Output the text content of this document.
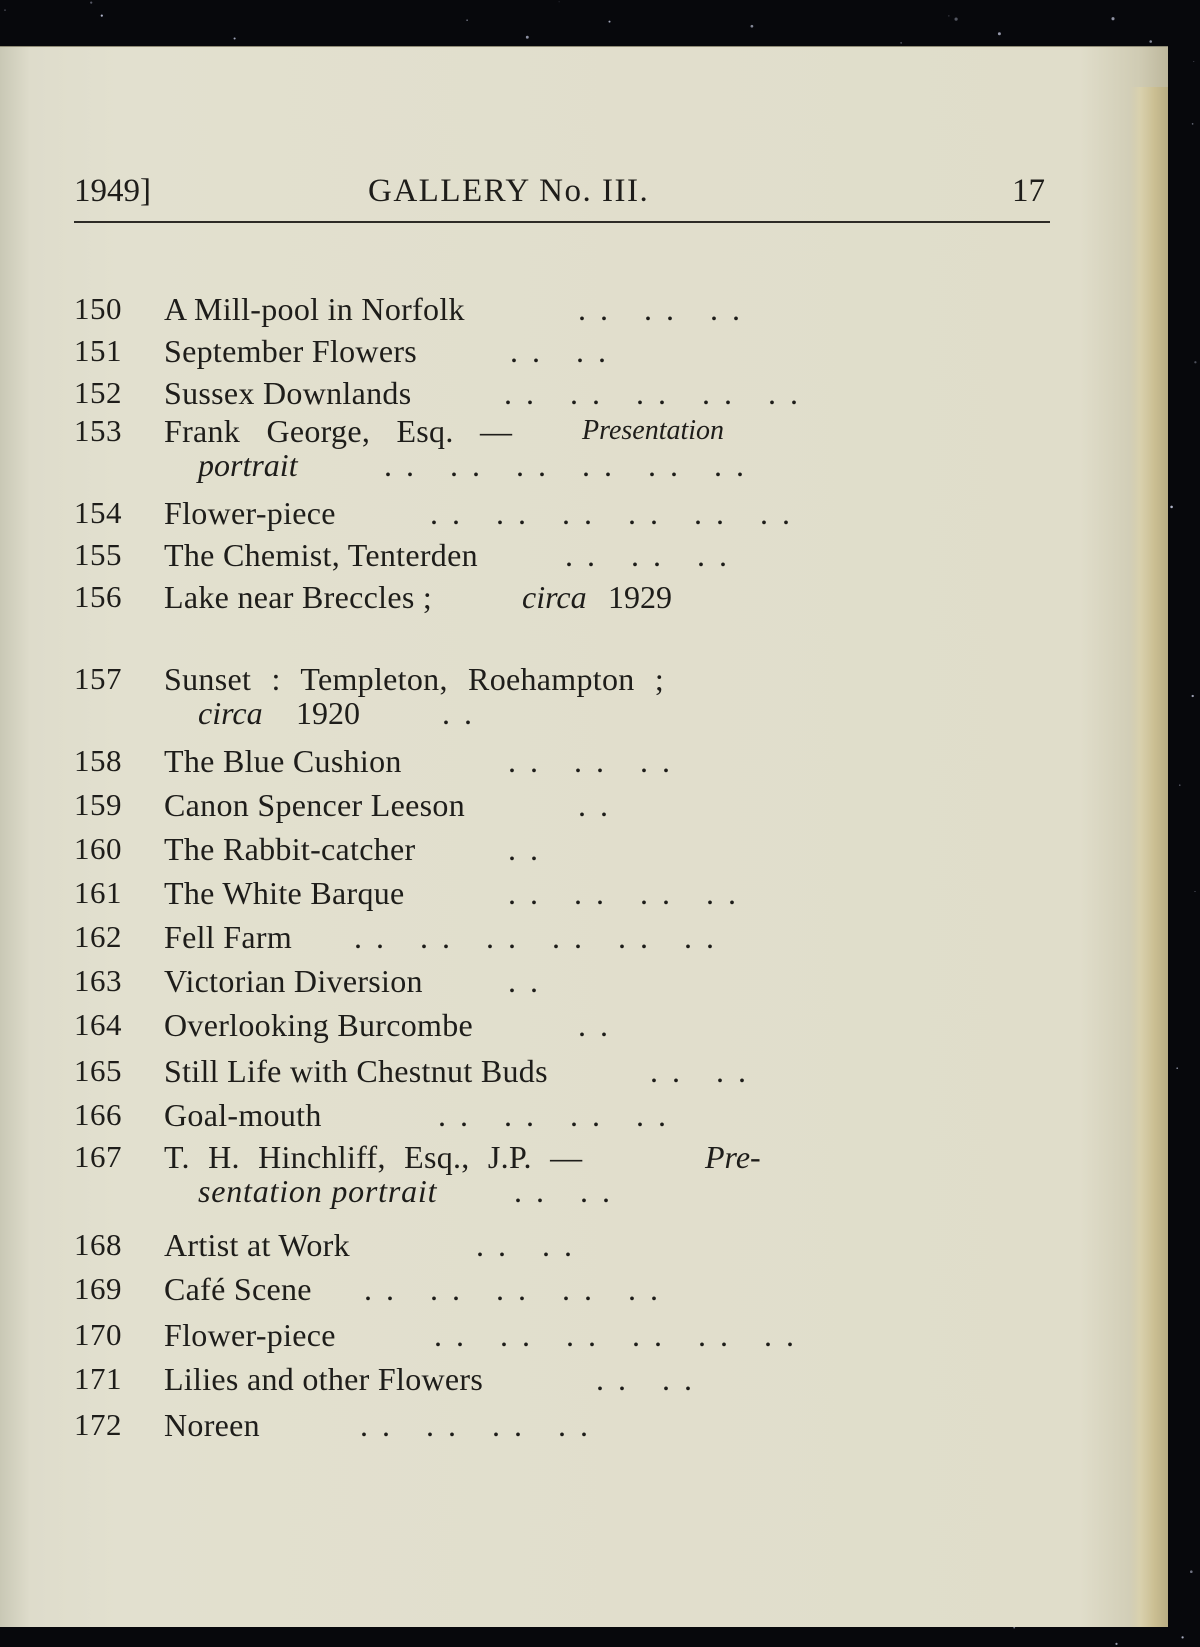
1949]	GALLERY No. III.	17
150 A Mill-pool in Norfolk	.. .. ..
151 September Flowers	.. ..
152 Sussex Downlands	.. .. .. .. ..
153 Frank George, Esq. — Presentation
portrait	.. .. .. .. .. ..
154 Flower-piece	.. .. .. .. .. ..
155 The Chemist, Tenterden	.. .. ..
156 Lake near Breccles ;	circa 1929
157 Sunset : Templeton, Roehampton ;
circa 1920	..
158 The Blue Cushion	.. .. ..
159 Canon Spencer Leeson	..
160 The Rabbit-catcher	..
161 The White Barque	.. .. .. ..
162 Fell Farm .. .. .. .. .. ..
163 Victorian Diversion	..
164 Overlooking Burcombe	..
165 Still Life with Chestnut Buds	.. ..
166 Goal-mouth	.. .. .. ..
167 T. H. Hinchliff, Esq., J.P. —	Pre-
sentation portrait .. ..
168 Artist at Work	.. ..
169 Café Scene .. .. .. .. ..
170 Flower-piece	.. .. .. .. .. ..
171 Lilies and other Flowers	.. ..
172 Noreen	.. .. .. ..
